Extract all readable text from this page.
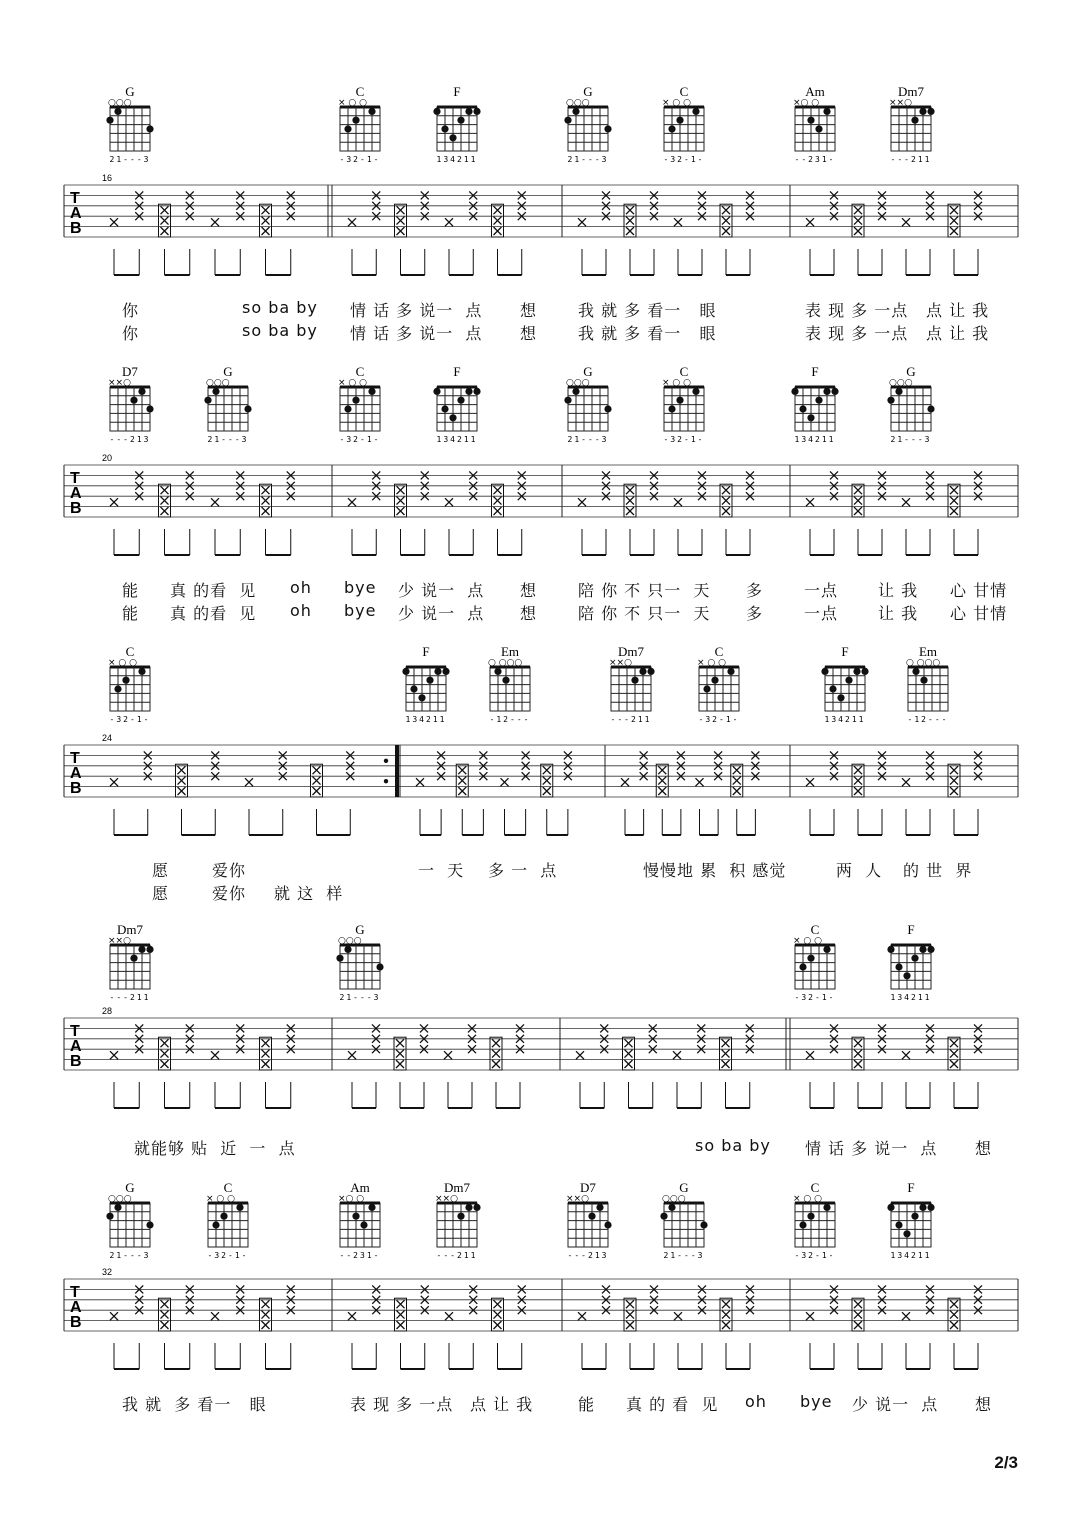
G
○○○
21---3
C
× ○ ○
-32-1-
F
134211
G
○○○
21---3
C
× ○ ○
-32-1-
Am
×○ ○
--231-
Dm7
××○
---211
T
A
B
16
你	so ba by 情 话 多 说一  点 想	我 就 多 看一   眼	表 现 多 一点 点 让 我
你	so ba by 情 话 多 说一  点 想	我 就 多 看一   眼	表 现 多 一点 点 让 我
D7
××○
---213
G
○○○
21---3
C
× ○ ○
-32-1-
F
134211
G
○○○
21---3
C
× ○ ○
-32-1-
F
134211
G
○○○
21---3
T
A
B
20
能 真 的看  见 oh bye 少 说一  点 想	陪 你 不 只一  天 多	一点 让 我 心 甘情
能 真 的看  见 oh bye 少 说一  点 想	陪 你 不 只一  天 多	一点 让 我 心 甘情
C
× ○ ○
-32-1-
F
134211
Em
○ ○○○
-12---
Dm7
××○
---211
C
× ○ ○
-32-1-
F
134211
Em
○ ○○○
-12---
T
A
B
24
愿	爱你	一  天 多 一  点	慢慢地 累  积 感觉	两  人 的 世  界
愿	爱你 就 这  样
Dm7
××○
---211
G
○○○
21---3
C
× ○ ○
-32-1-
F
134211
T
A
B
28
就能够 贴  近  一  点	so ba by 情 话 多 说一  点 想
G
○○○
21---3
C
× ○ ○
-32-1-
Am
×○ ○
--231-
Dm7
××○
---211
D7
××○
---213
G
○○○
21---3
C
× ○ ○
-32-1-
F
134211
T
A
B
32
我 就  多 看一   眼	表 现 多 一点 点 让 我	能 真 的 看  见 oh bye 少 说一  点 想
2/3
